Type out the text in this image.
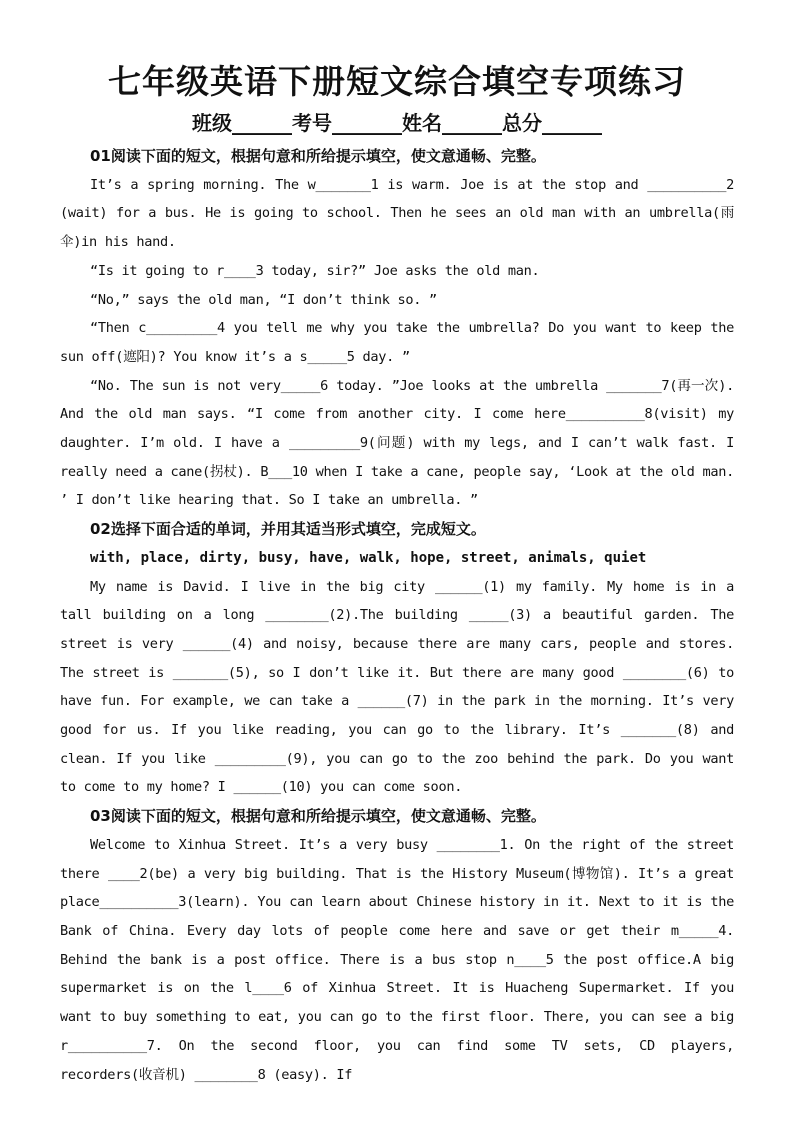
七年级英语下册短文综合填空专项练习
班级______考号_______姓名______总分______
01阅读下面的短文，根据句意和所给提示填空，使文意通畅、完整。

It’s a spring morning. The w_______1 is warm. Joe is at the stop and __________2 (wait) for a bus. He is going to school. Then he sees an old man with an umbrella(雨伞)in his hand.

“Is it going to r____3 today, sir?” Joe asks the old man.

“No,” says the old man, “I don’t think so. ”

“Then c_________4 you tell me why you take the umbrella? Do you want to keep the sun off(遮阳)? You know it’s a s_____5 day. ”

“No. The sun is not very_____6 today. ”Joe looks at the umbrella _______7(再一次). And the old man says. “I come from another city. I come here__________8(visit) my daughter. I’m old. I have a _________9(问题) with my legs, and I can’t walk fast. I really need a cane(拐杖). B___10 when I take a cane, people say, ‘Look at the old man. ’ I don’t like hearing that. So I take an umbrella. ”

02选择下面合适的单词，并用其适当形式填空，完成短文。
with, place, dirty, busy, have, walk, hope, street, animals, quiet

My name is David. I live in the big city ______(1) my family. My home is in a tall building on a long ________(2).The building _____(3) a beautiful garden. The street is very ______(4) and noisy, because there are many cars, people and stores. The street is _______(5), so I don’t like it. But there are many good ________(6) to have fun. For example, we can take a ______(7) in the park in the morning. It’s very good for us. If you like reading, you can go to the library. It’s _______(8) and clean. If you like _________(9), you can go to the zoo behind the park. Do you want to come to my home? I ______(10) you can come soon.

03阅读下面的短文，根据句意和所给提示填空，使文意通畅、完整。

Welcome to Xinhua Street. It’s a very busy ________1. On the right of the street there ____2(be) a very big building. That is the History Museum(博物馆). It’s a great place__________3(learn). You can learn about Chinese history in it. Next to it is the Bank of China. Every day lots of people come here and save or get their m_____4. Behind the bank is a post office. There is a bus stop n____5 the post office.A big supermarket is on the l____6 of Xinhua Street. It is Huacheng Supermarket. If you want to buy something to eat, you can go to the first floor. There, you can see a big r__________7. On the second floor, you can find some TV sets, CD players, recorders(收音机) ________8 (easy). If
